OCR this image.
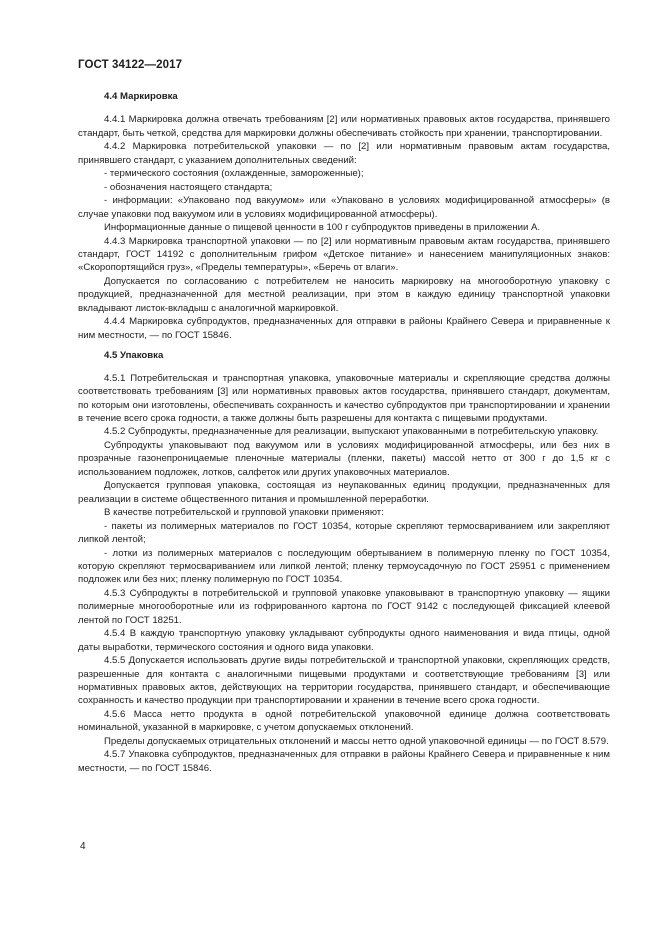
ГОСТ 34122—2017
4.4 Маркировка

4.4.1 Маркировка должна отвечать требованиям [2] или нормативных правовых актов государства, принявшего стандарт, быть четкой, средства для маркировки должны обеспечивать стойкость при хранении, транспортировании.

4.4.2 Маркировка потребительской упаковки — по [2] или нормативным правовым актам государства, принявшего стандарт, с указанием дополнительных сведений:

- термического состояния (охлажденные, замороженные);

- обозначения настоящего стандарта;

- информации: «Упаковано под вакуумом» или «Упаковано в условиях модифицированной атмосферы» (в случае упаковки под вакуумом или в условиях модифицированной атмосферы).

Информационные данные о пищевой ценности в 100 г субпродуктов приведены в приложении А.

4.4.3 Маркировка транспортной упаковки — по [2] или нормативным правовым актам государства, принявшего стандарт, ГОСТ 14192 с дополнительным грифом «Детское питание» и нанесением манипуляционных знаков: «Скоропортящийся груз», «Пределы температуры», «Беречь от влаги».

Допускается по согласованию с потребителем не наносить маркировку на многооборотную упаковку с продукцией, предназначенной для местной реализации, при этом в каждую единицу транспортной упаковки вкладывают листок-вкладыш с аналогичной маркировкой.

4.4.4 Маркировка субпродуктов, предназначенных для отправки в районы Крайнего Севера и приравненные к ним местности, — по ГОСТ 15846.

4.5 Упаковка

4.5.1 Потребительская и транспортная упаковка, упаковочные материалы и скрепляющие средства должны соответствовать требованиям [3] или нормативных правовых актов государства, принявшего стандарт, документам, по которым они изготовлены, обеспечивать сохранность и качество субпродуктов при транспортировании и хранении в течение всего срока годности, а также должны быть разрешены для контакта с пищевыми продуктами.

4.5.2 Субпродукты, предназначенные для реализации, выпускают упакованными в потребительскую упаковку.

Субпродукты упаковывают под вакуумом или в условиях модифицированной атмосферы, или без них в прозрачные газонепроницаемые пленочные материалы (пленки, пакеты) массой нетто от 300 г до 1,5 кг с использованием подложек, лотков, салфеток или других упаковочных материалов.

Допускается групповая упаковка, состоящая из неупакованных единиц продукции, предназначенных для реализации в системе общественного питания и промышленной переработки.

В качестве потребительской и групповой упаковки применяют:

- пакеты из полимерных материалов по ГОСТ 10354, которые скрепляют термосвариванием или закрепляют липкой лентой;

- лотки из полимерных материалов с последующим обертыванием в полимерную пленку по ГОСТ 10354, которую скрепляют термосвариванием или липкой лентой; пленку термоусадочную по ГОСТ 25951 с применением подложек или без них; пленку полимерную по ГОСТ 10354.

4.5.3 Субпродукты в потребительской и групповой упаковке упаковывают в транспортную упаковку — ящики полимерные многооборотные или из гофрированного картона по ГОСТ 9142 с последующей фиксацией клеевой лентой по ГОСТ 18251.

4.5.4 В каждую транспортную упаковку укладывают субпродукты одного наименования и вида птицы, одной даты выработки, термического состояния и одного вида упаковки.

4.5.5 Допускается использовать другие виды потребительской и транспортной упаковки, скрепляющих средств, разрешенные для контакта с аналогичными пищевыми продуктами и соответствующие требованиям [3] или нормативных правовых актов, действующих на территории государства, принявшего стандарт, и обеспечивающие сохранность и качество продукции при транспортировании и хранении в течение всего срока годности.

4.5.6 Масса нетто продукта в одной потребительской упаковочной единице должна соответствовать номинальной, указанной в маркировке, с учетом допускаемых отклонений.

Пределы допускаемых отрицательных отклонений и массы нетто одной упаковочной единицы — по ГОСТ 8.579.

4.5.7 Упаковка субпродуктов, предназначенных для отправки в районы Крайнего Севера и приравненные к ним местности, — по ГОСТ 15846.

4
